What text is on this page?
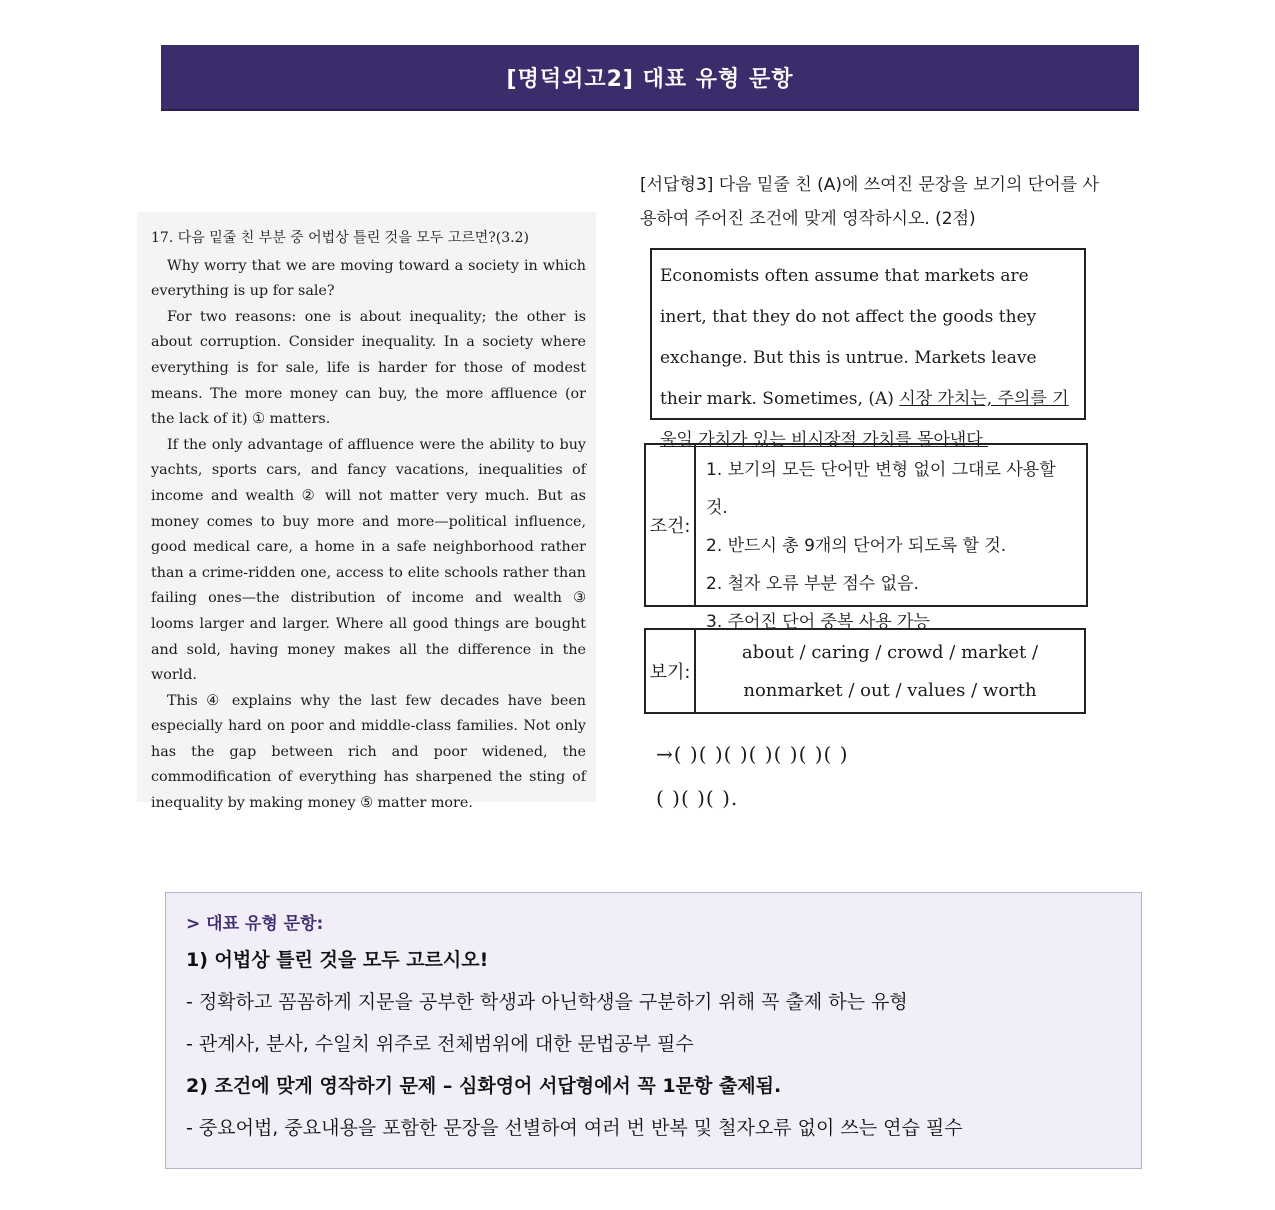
[명덕외고2] 대표 유형 문항

17. 다음 밑줄 친 부분 중 어법상 틀린 것을 모두 고르면?(3.2)

Why worry that we are moving toward a society in which everything is up for sale?

For two reasons: one is about inequality; the other is about corruption. Consider inequality. In a society where everything is for sale, life is harder for those of modest means. The more money can buy, the more affluence (or the lack of it) ① matters.

If the only advantage of affluence were the ability to buy yachts, sports cars, and fancy vacations, inequalities of income and wealth ② will not matter very much. But as money comes to buy more and more—political influence, good medical care, a home in a safe neighborhood rather than a crime-ridden one, access to elite schools rather than failing ones—the distribution of income and wealth ③ looms larger and larger. Where all good things are bought and sold, having money makes all the difference in the world.

This ④ explains why the last few decades have been especially hard on poor and middle-class families. Not only has the gap between rich and poor widened, the commodification of everything has sharpened the sting of inequality by making money ⑤ matter more.

[서답형3] 다음 밑줄 친 (A)에 쓰여진 문장을 보기의 단어를 사용하여 주어진 조건에 맞게 영작하시오. (2점)
Economists often assume that markets are inert, that they do not affect the goods they exchange. But this is untrue. Markets leave their mark. Sometimes, (A) 시장 가치는, 주의를 기울일 가치가 있는 비시장적 가치를 몰아낸다.
조건:
1. 보기의 모든 단어만 변형 없이 그대로 사용할 것.
2. 반드시 총 9개의 단어가 되도록 할 것.
2. 철자 오류 부분 점수 없음.
3. 주어진 단어 중복 사용 가능
보기:
about / caring / crowd / market /
nonmarket / out / values / worth
→( )( )( )( )( )( )( )
( )( )( ).
> 대표 유형 문항:
1) 어법상 틀린 것을 모두 고르시오!
- 정확하고 꼼꼼하게 지문을 공부한 학생과 아닌학생을 구분하기 위해 꼭 출제 하는 유형
- 관계사, 분사, 수일치 위주로 전체범위에 대한 문법공부 필수
2) 조건에 맞게 영작하기 문제 – 심화영어 서답형에서 꼭 1문항 출제됨.
- 중요어법, 중요내용을 포함한 문장을 선별하여 여러 번 반복 및 철자오류 없이 쓰는 연습 필수
